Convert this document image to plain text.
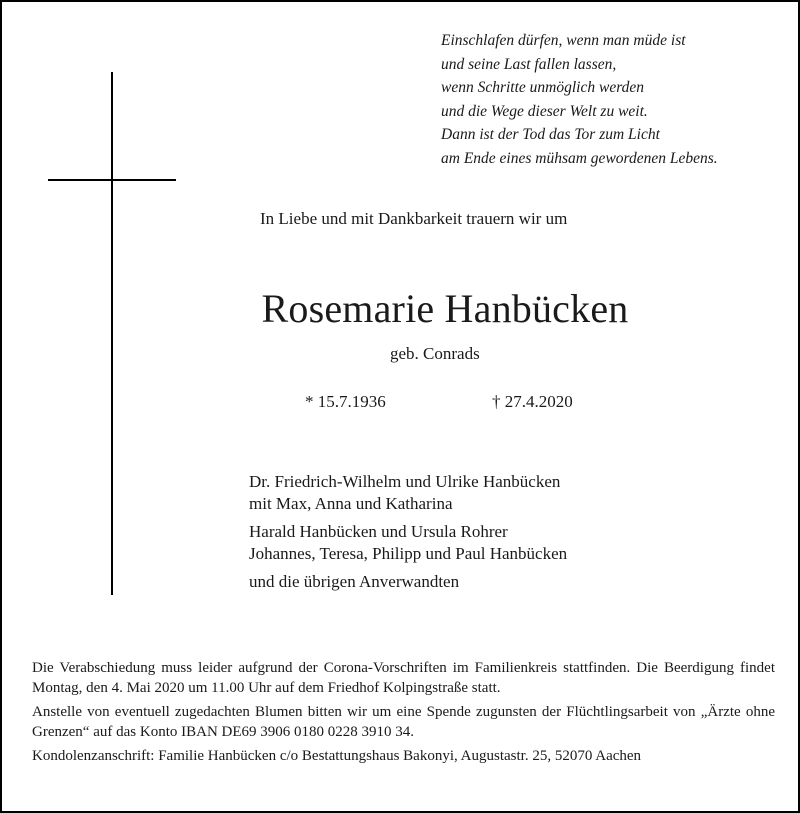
Einschlafen dürfen, wenn man müde ist
und seine Last fallen lassen,
wenn Schritte unmöglich werden
und die Wege dieser Welt zu weit.
Dann ist der Tod das Tor zum Licht
am Ende eines mühsam gewordenen Lebens.
In Liebe und mit Dankbarkeit trauern wir um
Rosemarie Hanbücken
geb. Conrads
* 15.7.1936	† 27.4.2020
Dr. Friedrich-Wilhelm und Ulrike Hanbücken
mit Max, Anna und Katharina
Harald Hanbücken und Ursula Rohrer
Johannes, Teresa, Philipp und Paul Hanbücken
und die übrigen Anverwandten

Die Verabschiedung muss leider aufgrund der Corona-Vorschriften im Familienkreis stattfinden. Die Beerdigung findet Montag, den 4. Mai 2020 um 11.00 Uhr auf dem Friedhof Kolpingstraße statt.

Anstelle von eventuell zugedachten Blumen bitten wir um eine Spende zugunsten der Flüchtlingsarbeit von „Ärzte ohne Grenzen“ auf das Konto IBAN DE69 3906 0180 0228 3910 34.

Kondolenzanschrift: Familie Hanbücken c/o Bestattungshaus Bakonyi, Augustastr. 25, 52070 Aachen
